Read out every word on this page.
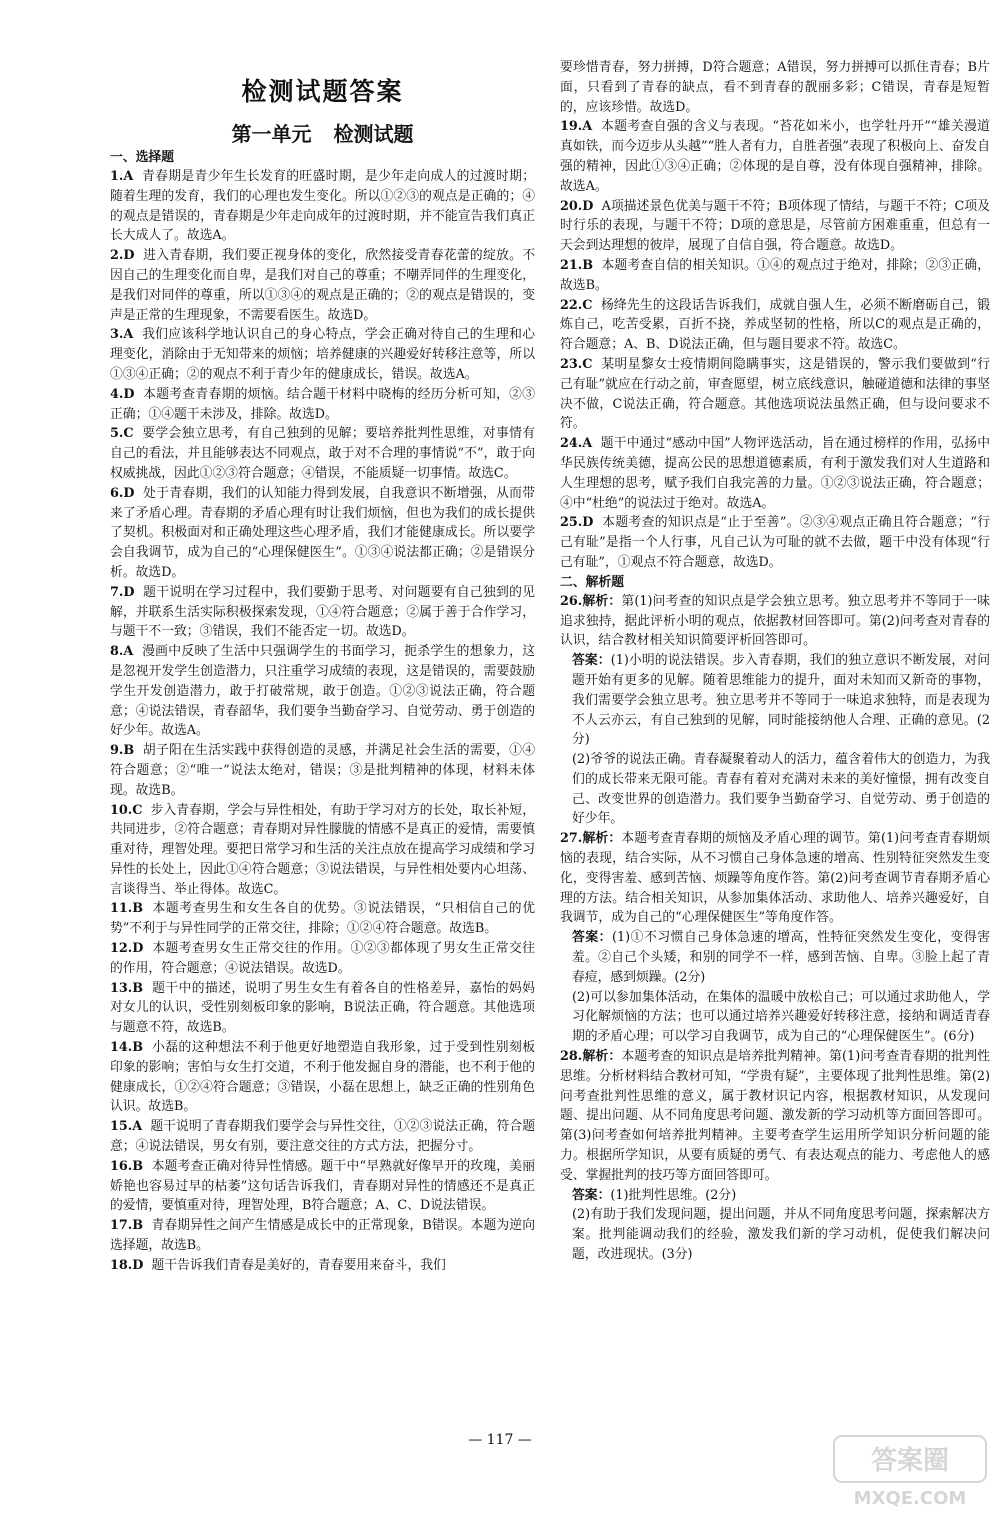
检测试题答案
第一单元 检测试题
一、选择题
1.A 青春期是青少年生长发育的旺盛时期，是少年走向成人的过渡时期；随着生理的发育，我们的心理也发生变化。所以①②③的观点是正确的；④的观点是错误的，青春期是少年走向成年的过渡时期，并不能宣告我们真正长大成人了。故选A。
2.D 进入青春期，我们要正视身体的变化，欣然接受青春花蕾的绽放。不因自己的生理变化而自卑，是我们对自己的尊重；不嘲弄同伴的生理变化，是我们对同伴的尊重，所以①③④的观点是正确的；②的观点是错误的，变声是正常的生理现象，不需要看医生。故选D。
3.A 我们应该科学地认识自己的身心特点，学会正确对待自己的生理和心理变化，消除由于无知带来的烦恼；培养健康的兴趣爱好转移注意等，所以①③④正确；②的观点不利于青少年的健康成长，错误。故选A。
4.D 本题考查青春期的烦恼。结合题干材料中晓梅的经历分析可知，②③正确；①④题干未涉及，排除。故选D。
5.C 要学会独立思考，有自己独到的见解；要培养批判性思维，对事情有自己的看法，并且能够表达不同观点，敢于对不合理的事情说“不”，敢于向权威挑战，因此①②③符合题意；④错误，不能质疑一切事情。故选C。
6.D 处于青春期，我们的认知能力得到发展，自我意识不断增强，从而带来了矛盾心理。青春期的矛盾心理有时让我们烦恼，但也为我们的成长提供了契机。积极面对和正确处理这些心理矛盾，我们才能健康成长。所以要学会自我调节，成为自己的“心理保健医生”。①③④说法都正确；②是错误分析。故选D。
7.D 题干说明在学习过程中，我们要勤于思考、对问题要有自己独到的见解，并联系生活实际积极探索发现，①④符合题意；②属于善于合作学习，与题干不一致；③错误，我们不能否定一切。故选D。
8.A 漫画中反映了生活中只强调学生的书面学习，扼杀学生的想象力，这是忽视开发学生创造潜力，只注重学习成绩的表现，这是错误的，需要鼓励学生开发创造潜力，敢于打破常规，敢于创造。①②③说法正确，符合题意；④说法错误，青春韶华，我们要争当勤奋学习、自觉劳动、勇于创造的好少年。故选A。
9.B 胡子阳在生活实践中获得创造的灵感，并满足社会生活的需要，①④符合题意；②“唯一”说法太绝对，错误；③是批判精神的体现，材料未体现。故选B。
10.C 步入青春期，学会与异性相处，有助于学习对方的长处，取长补短，共同进步，②符合题意；青春期对异性朦胧的情感不是真正的爱情，需要慎重对待，理智处理。要把日常学习和生活的关注点放在提高学习成绩和学习异性的长处上，因此①④符合题意；③说法错误，与异性相处要内心坦荡、言谈得当、举止得体。故选C。
11.B 本题考查男生和女生各自的优势。③说法错误，“只相信自己的优势”不利于与异性同学的正常交往，排除；①②④符合题意。故选B。
12.D 本题考查男女生正常交往的作用。①②③都体现了男女生正常交往的作用，符合题意；④说法错误。故选D。
13.B 题干中的描述，说明了男生女生有着各自的性格差异，嘉怡的妈妈对女儿的认识，受性别刻板印象的影响，B说法正确，符合题意。其他选项与题意不符，故选B。
14.B 小磊的这种想法不利于他更好地塑造自我形象，过于受到性别刻板印象的影响；害怕与女生打交道，不利于他发掘自身的潜能，也不利于他的健康成长，①②④符合题意；③错误，小磊在思想上，缺乏正确的性别角色认识。故选B。
15.A 题干说明了青春期我们要学会与异性交往，①②③说法正确，符合题意；④说法错误，男女有别，要注意交往的方式方法，把握分寸。
16.B 本题考查正确对待异性情感。题干中“早熟就好像早开的玫瑰，美丽娇艳也容易过早的枯萎”这句话告诉我们，青春期对异性的情感还不是真正的爱情，要慎重对待，理智处理，B符合题意；A、C、D说法错误。
17.B 青春期异性之间产生情感是成长中的正常现象，B错误。本题为逆向选择题，故选B。
18.D 题干告诉我们青春是美好的，青春要用来奋斗，我们
要珍惜青春，努力拼搏，D符合题意；A错误，努力拼搏可以抓住青春；B片面，只看到了青春的缺点，看不到青春的靓丽多彩；C错误，青春是短暂的，应该珍惜。故选D。
19.A 本题考查自强的含义与表现。“苔花如米小，也学牡丹开”“雄关漫道真如铁，而今迈步从头越”“胜人者有力，自胜者强”表现了积极向上、奋发自强的精神，因此①③④正确；②体现的是自尊，没有体现自强精神，排除。故选A。
20.D A项描述景色优美与题干不符；B项体现了情结，与题干不符；C项及时行乐的表现，与题干不符；D项的意思是，尽管前方困难重重，但总有一天会到达理想的彼岸，展现了自信自强，符合题意。故选D。
21.B 本题考查自信的相关知识。①④的观点过于绝对，排除；②③正确，故选B。
22.C 杨绛先生的这段话告诉我们，成就自强人生，必须不断磨砺自己，锻炼自己，吃苦受累，百折不挠，养成坚韧的性格，所以C的观点是正确的，符合题意；A、B、D说法正确，但与题目要求不符。故选C。
23.C 某明星黎女士疫情期间隐瞒事实，这是错误的，警示我们要做到“行己有耻”就应在行动之前，审查愿望，树立底线意识，触碰道德和法律的事坚决不做，C说法正确，符合题意。其他选项说法虽然正确，但与设问要求不符。
24.A 题干中通过“感动中国”人物评选活动，旨在通过榜样的作用，弘扬中华民族传统美德，提高公民的思想道德素质，有利于激发我们对人生道路和人生理想的思考，赋予我们自我完善的力量。①②③说法正确，符合题意；④中“杜绝”的说法过于绝对。故选A。
25.D 本题考查的知识点是“止于至善”。②③④观点正确且符合题意；“行己有耻”是指一个人行事，凡自己认为可耻的就不去做，题干中没有体现“行己有耻”，①观点不符合题意，故选D。
二、解析题
26.解析：第(1)问考查的知识点是学会独立思考。独立思考并不等同于一味追求独持，据此评析小明的观点，依据教材回答即可。第(2)问考查对青春的认识，结合教材相关知识简要评析回答即可。
答案：(1)小明的说法错误。步入青春期，我们的独立意识不断发展，对问题开始有更多的见解。随着思维能力的提升，面对未知而又新奇的事物，我们需要学会独立思考。独立思考并不等同于一味追求独特，而是表现为不人云亦云，有自己独到的见解，同时能接纳他人合理、正确的意见。(2分)
(2)爷爷的说法正确。青春凝聚着动人的活力，蕴含着伟大的创造力，为我们的成长带来无限可能。青春有着对充满对未来的美好憧憬，拥有改变自己、改变世界的创造潜力。我们要争当勤奋学习、自觉劳动、勇于创造的好少年。
27.解析：本题考查青春期的烦恼及矛盾心理的调节。第(1)问考查青春期烦恼的表现，结合实际，从不习惯自己身体急速的增高、性别特征突然发生变化，变得害羞、感到苦恼、烦躁等角度作答。第(2)问考查调节青春期矛盾心理的方法。结合相关知识，从参加集体活动、求助他人、培养兴趣爱好，自我调节，成为自己的“心理保健医生”等角度作答。
答案：(1)①不习惯自己身体急速的增高，性特征突然发生变化，变得害羞。②自己个头矮，和别的同学不一样，感到苦恼、自卑。③脸上起了青春痘，感到烦躁。(2分)
(2)可以参加集体活动，在集体的温暖中放松自己；可以通过求助他人，学习化解烦恼的方法；也可以通过培养兴趣爱好转移注意，接纳和调适青春期的矛盾心理；可以学习自我调节，成为自己的“心理保健医生”。(6分)
28.解析：本题考查的知识点是培养批判精神。第(1)问考查青春期的批判性思维。分析材料结合教材可知，“学贵有疑”，主要体现了批判性思维。第(2)问考查批判性思维的意义，属于教材识记内容，根据教材知识，从发现问题、提出问题、从不同角度思考问题、激发新的学习动机等方面回答即可。第(3)问考查如何培养批判精神。主要考查学生运用所学知识分析问题的能力。根据所学知识，从要有质疑的勇气、有表达观点的能力、考虑他人的感受、掌握批判的技巧等方面回答即可。
答案：(1)批判性思维。(2分)
(2)有助于我们发现问题，提出问题，并从不同角度思考问题，探索解决方案。批判能调动我们的经验，激发我们新的学习动机，促使我们解决问题，改进现状。(3分)
— 117 —
答案圈
MXQE.COM
